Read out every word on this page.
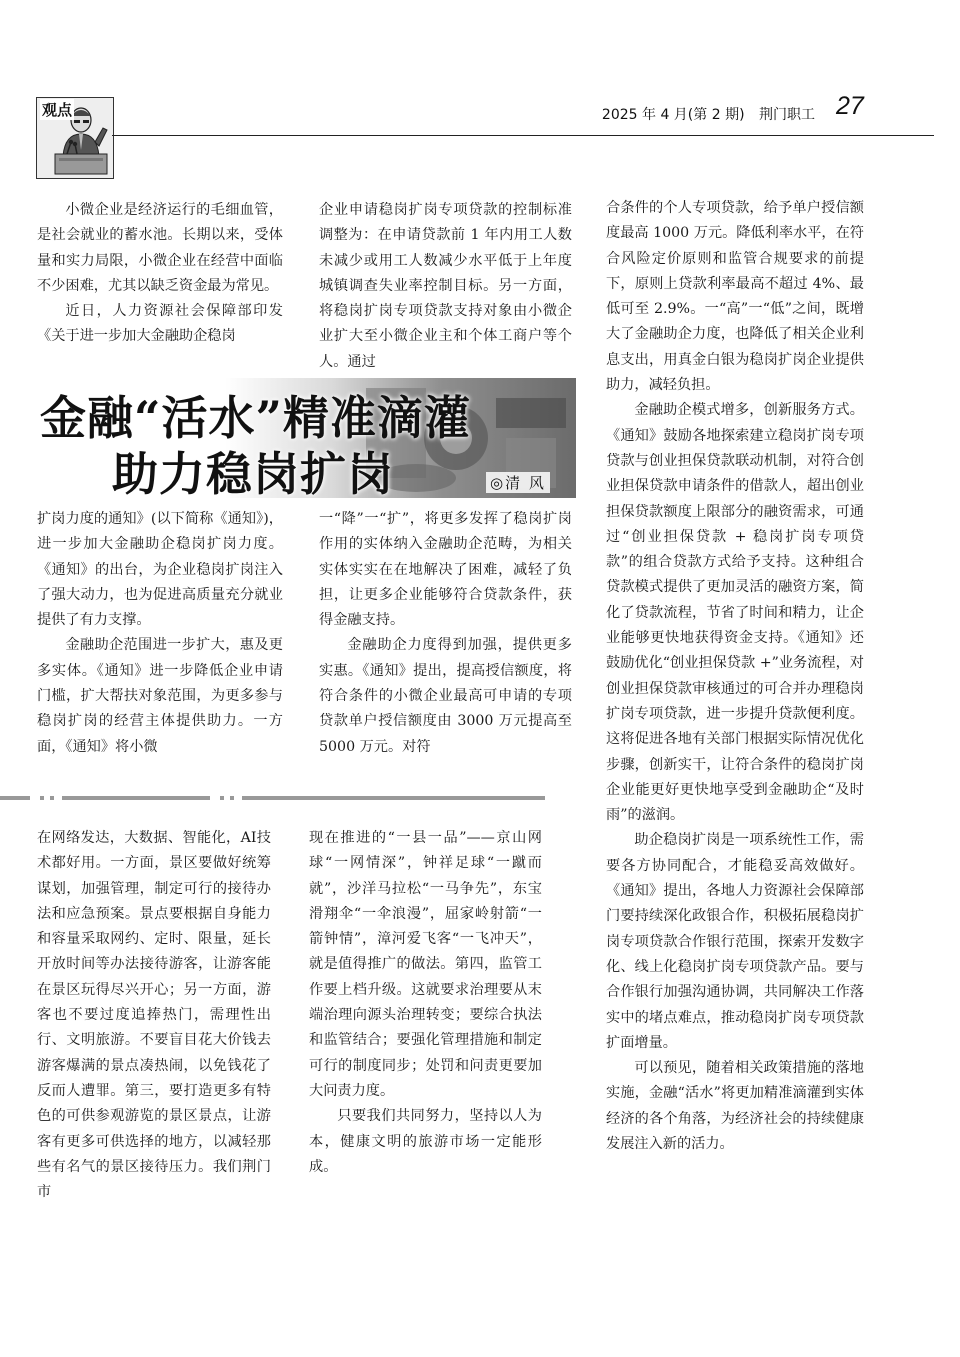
观点	2025 年 4 月(第 2 期) 荆门职工 27

小微企业是经济运行的毛细血管，是社会就业的蓄水池。长期以来，受体量和实力局限，小微企业在经营中面临不少困难，尤其以缺乏资金最为常见。

近日，人力资源社会保障部印发《关于进一步加大金融助企稳岗

企业申请稳岗扩岗专项贷款的控制标准调整为：在申请贷款前 1 年内用工人数未减少或用工人数减少水平低于上年度城镇调查失业率控制目标。另一方面，将稳岗扩岗专项贷款支持对象由小微企业扩大至小微企业主和个体工商户等个人。通过

金融“活水”精准滴灌
助力稳岗扩岗	◎清 风

扩岗力度的通知》(以下简称《通知》)，进一步加大金融助企稳岗扩岗力度。《通知》的出台，为企业稳岗扩岗注入了强大动力，也为促进高质量充分就业提供了有力支撑。

金融助企范围进一步扩大，惠及更多实体。《通知》进一步降低企业申请门槛，扩大帮扶对象范围，为更多参与稳岗扩岗的经营主体提供助力。一方面，《通知》将小微

一“降”一“扩”，将更多发挥了稳岗扩岗作用的实体纳入金融助企范畴，为相关实体实实在在地解决了困难，减轻了负担，让更多企业能够符合贷款条件，获得金融支持。

金融助企力度得到加强，提供更多实惠。《通知》提出，提高授信额度，将符合条件的小微企业最高可申请的专项贷款单户授信额度由 3000 万元提高至 5000 万元。对符

合条件的个人专项贷款，给予单户授信额度最高 1000 万元。降低利率水平，在符合风险定价原则和监管合规要求的前提下，原则上贷款利率最高不超过 4%、最低可至 2.9%。一“高”一“低”之间，既增大了金融助企力度，也降低了相关企业利息支出，用真金白银为稳岗扩岗企业提供助力，减轻负担。

金融助企模式增多，创新服务方式。《通知》鼓励各地探索建立稳岗扩岗专项贷款与创业担保贷款联动机制，对符合创业担保贷款申请条件的借款人，超出创业担保贷款额度上限部分的融资需求，可通过“创业担保贷款 + 稳岗扩岗专项贷款”的组合贷款方式给予支持。这种组合贷款模式提供了更加灵活的融资方案，简化了贷款流程，节省了时间和精力，让企业能够更快地获得资金支持。《通知》还鼓励优化“创业担保贷款 +”业务流程，对创业担保贷款审核通过的可合并办理稳岗扩岗专项贷款，进一步提升贷款便利度。这将促进各地有关部门根据实际情况优化步骤，创新实干，让符合条件的稳岗扩岗企业能更好更快地享受到金融助企“及时雨”的滋润。

助企稳岗扩岗是一项系统性工作，需要各方协同配合，才能稳妥高效做好。《通知》提出，各地人力资源社会保障部门要持续深化政银合作，积极拓展稳岗扩岗专项贷款合作银行范围，探索开发数字化、线上化稳岗扩岗专项贷款产品。要与合作银行加强沟通协调，共同解决工作落实中的堵点难点，推动稳岗扩岗专项贷款扩面增量。

可以预见，随着相关政策措施的落地实施，金融“活水”将更加精准滴灌到实体经济的各个角落，为经济社会的持续健康发展注入新的活力。

在网络发达，大数据、智能化，AI技术都好用。一方面，景区要做好统筹谋划，加强管理，制定可行的接待办法和应急预案。景点要根据自身能力和容量采取网约、定时、限量，延长开放时间等办法接待游客，让游客能在景区玩得尽兴开心；另一方面，游客也不要过度追捧热门，需理性出行、文明旅游。不要盲目花大价钱去游客爆满的景点凑热闹，以免钱花了反而人遭罪。第三，要打造更多有特色的可供参观游览的景区景点，让游客有更多可供选择的地方，以减轻那些有名气的景区接待压力。我们荆门市

现在推进的“一县一品”——京山网球“一网情深”，钟祥足球“一蹴而就”，沙洋马拉松“一马争先”，东宝滑翔伞“一伞浪漫”，屈家岭射箭“一箭钟情”，漳河爱飞客“一飞冲天”，就是值得推广的做法。第四，监管工作要上档升级。这就要求治理要从末端治理向源头治理转变；要综合执法和监管结合；要强化管理措施和制定可行的制度同步；处罚和问责更要加大问责力度。

只要我们共同努力，坚持以人为本，健康文明的旅游市场一定能形成。
